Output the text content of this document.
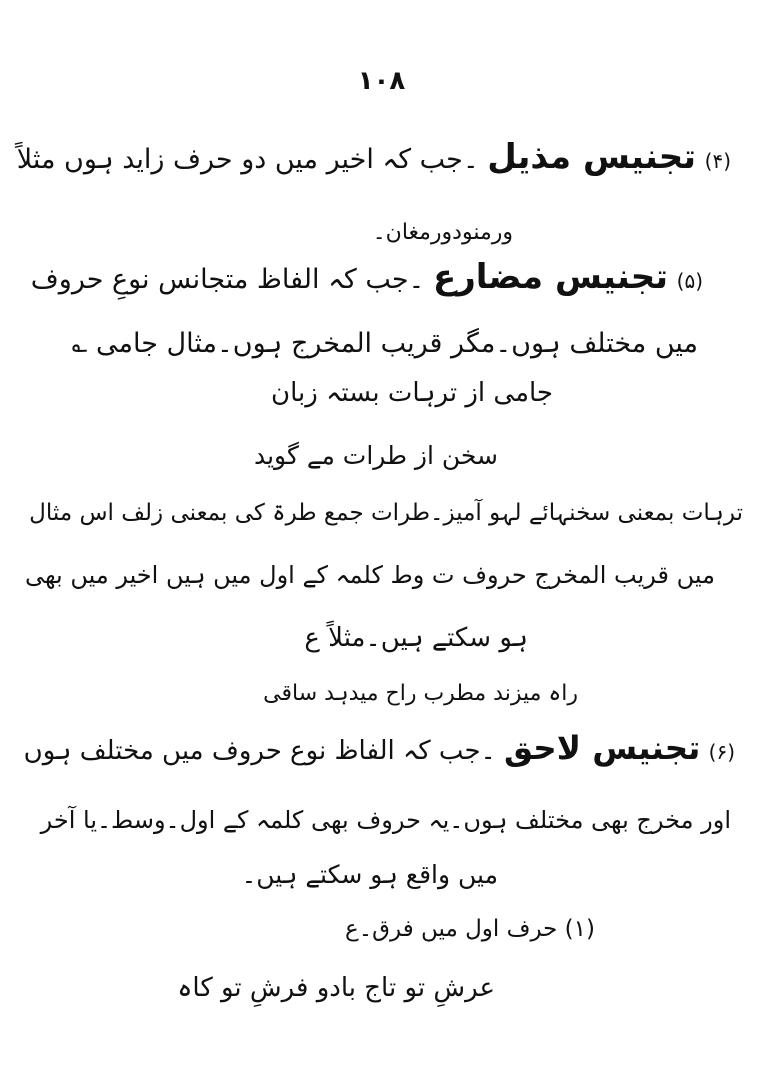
۱۰۸
(۴) تجنیس مذیل ۔جب کہ اخیر میں دو حرف زاید ہوں مثلاً
ورمنودورمغان۔
(۵) تجنیس مضارع ۔جب کہ الفاظ متجانس نوعِ حروف
میں مختلف ہوں۔مگر قریب المخرج ہوں۔مثال جامی ؎
جامی از ترہات بستہ زبان
سخن از طرات مے گوید
ترہات بمعنی سخنہائے لہو آمیز۔طرات جمع طرۃ کی بمعنی زلف اس مثال
میں قریب المخرج حروف ت وط کلمہ کے اول میں ہیں اخیر میں بھی
ہو سکتے ہیں۔مثلاً ع
راہ میزند مطرب راح میدہد ساقی
(۶) تجنیس لاحق ۔جب کہ الفاظ نوع حروف میں مختلف ہوں
اور مخرج بھی مختلف ہوں۔یہ حروف بھی کلمہ کے اول۔وسط۔یا آخر
میں واقع ہو سکتے ہیں۔
(۱) حرف اول میں فرق۔ع
عرشِ تو تاج بادو فرشِ تو کاہ
